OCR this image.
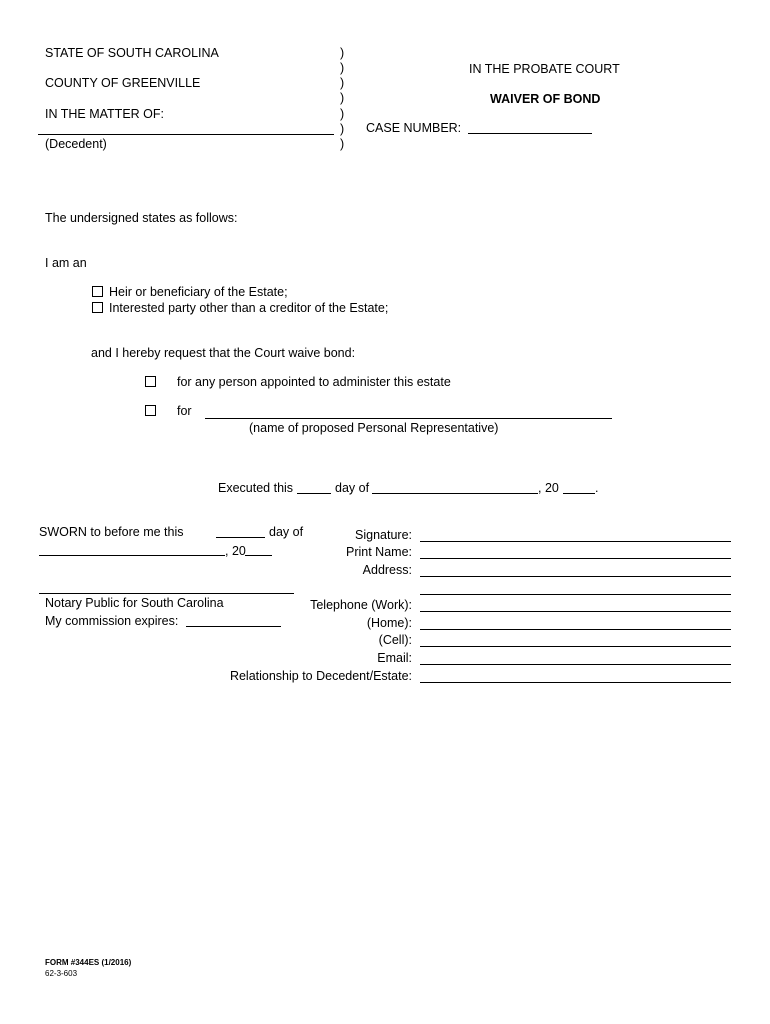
STATE OF SOUTH CAROLINA
COUNTY OF GREENVILLE
IN THE MATTER OF:
(Decedent)
)
)
)
)
)
)
)
IN THE PROBATE COURT
WAIVER OF BOND
CASE NUMBER:
The undersigned states as follows:
I am an
Heir or beneficiary of the Estate;
Interested party other than a creditor of the Estate;
and I hereby request that the Court waive bond:
for any person appointed to administer this estate
for
(name of proposed Personal Representative)
Executed this	day of	, 20	.
SWORN to before me this	day of
, 20
Notary Public for South Carolina
My commission expires:
Signature:
Print Name:
Address:
Telephone (Work):
(Home):
(Cell):
Email:
Relationship to Decedent/Estate:
FORM #344ES (1/2016)
62-3-603
